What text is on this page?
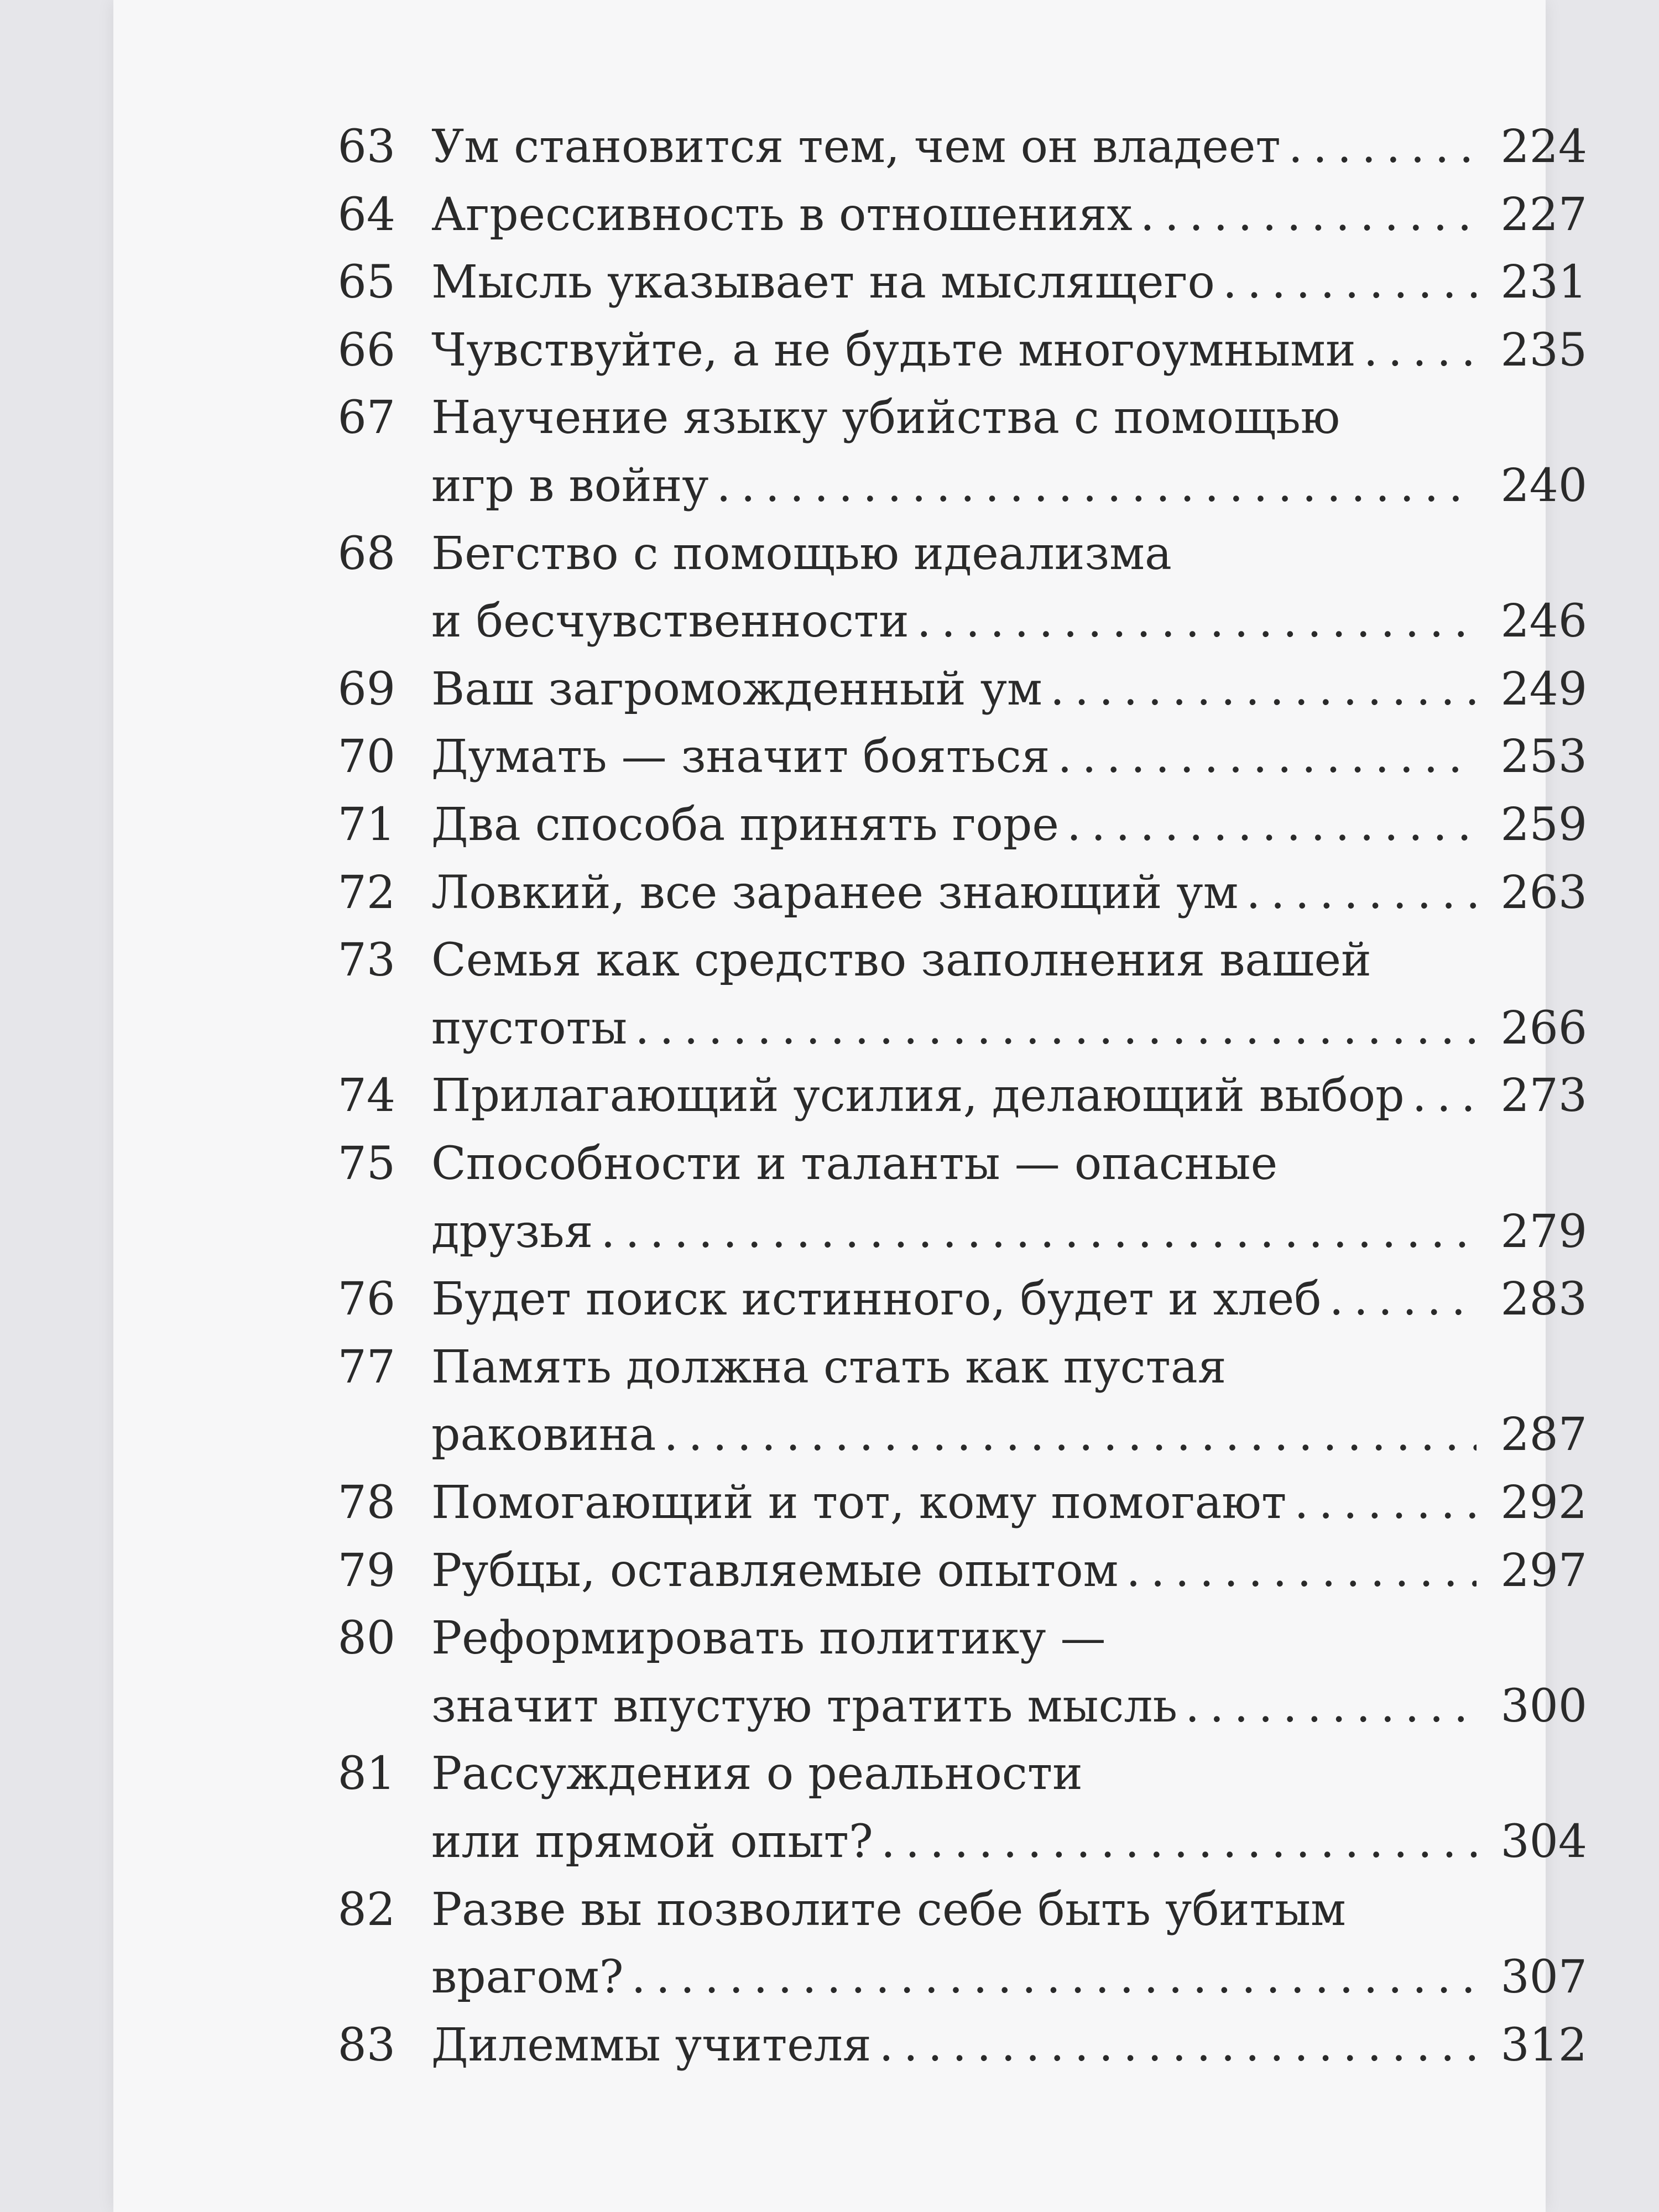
63 Ум становится тем, чем он владеет . . .	224
64 Агрессивность в отношениях . . .	227
65 Мысль указывает на мыслящего . . .	231
66 Чувствуйте, а не будьте многоумными . . .	235
67 Научение языку убийства с помощью
игр в войну . . .	240
68 Бегство с помощью идеализма
и бесчувственности . . .	246
69 Ваш загроможденный ум . . .	249
70 Думать — значит бояться . . .	253
71 Два способа принять горе . . .	259
72 Ловкий, все заранее знающий ум . . .	263
73 Семья как средство заполнения вашей
пустоты . . .	266
74 Прилагающий усилия, делающий выбор . . .	273
75 Способности и таланты — опасные
друзья . . .	279
76 Будет поиск истинного, будет и хлеб . . .	283
77 Память должна стать как пустая
раковина . . .	287
78 Помогающий и тот, кому помогают . . .	292
79 Рубцы, оставляемые опытом . . .	297
80 Реформировать политику —
значит впустую тратить мысль . . .	300
81 Рассуждения о реальности
или прямой опыт? . . .	304
82 Разве вы позволите себе быть убитым
врагом? . . .	307
83 Дилеммы учителя . . .	312
